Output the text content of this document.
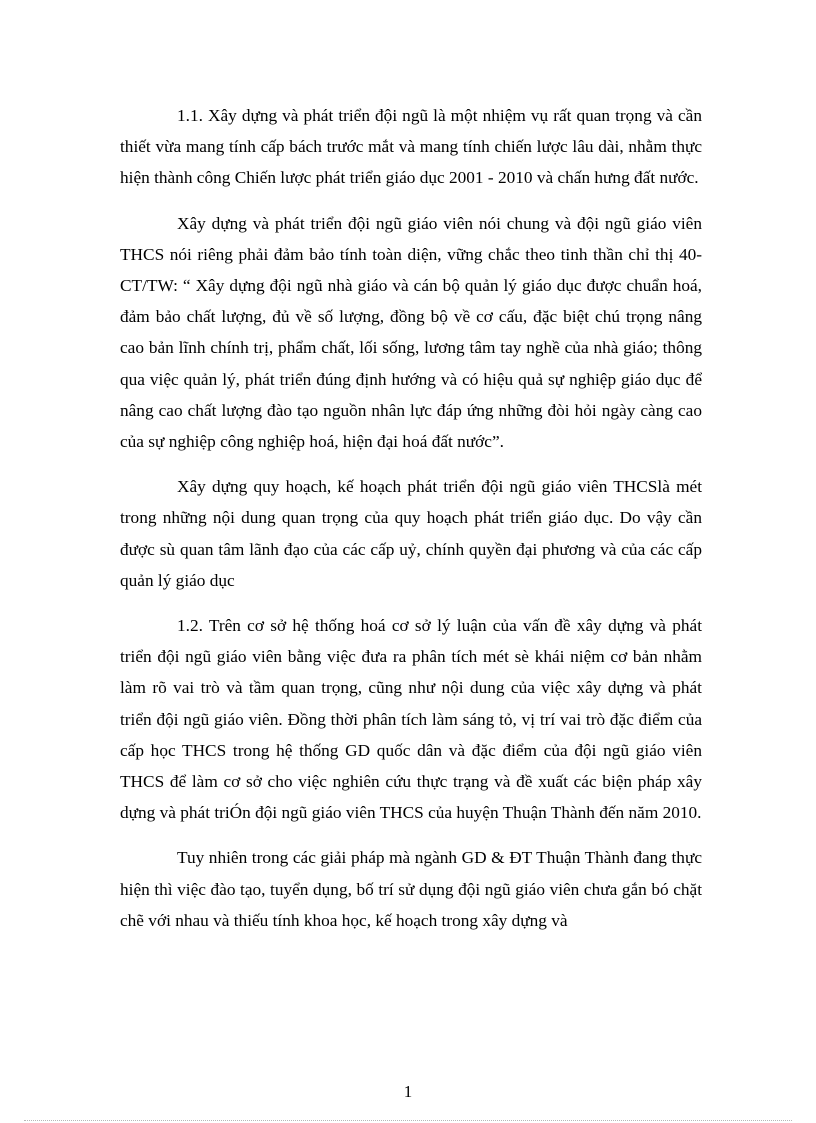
1.1. Xây dựng và phát triển đội ngũ là một nhiệm vụ rất quan trọng và cần thiết vừa mang tính cấp bách trước mắt và mang tính chiến lược lâu dài, nhằm thực hiện thành công Chiến lược phát triển giáo dục 2001 - 2010 và chấn hưng đất nước.

Xây dựng và phát triển đội ngũ giáo viên nói chung và đội ngũ giáo viên THCS nói riêng phải đảm bảo tính toàn diện, vững chắc theo tinh thần chỉ thị 40-CT/TW: “ Xây dựng đội ngũ nhà giáo và cán bộ quản lý giáo dục được chuẩn hoá, đảm bảo chất lượng, đủ về số lượng, đồng bộ về cơ cấu, đặc biệt chú trọng nâng cao bản lĩnh chính trị, phẩm chất, lối sống, lương tâm tay nghề của nhà giáo; thông qua việc quản lý, phát triển đúng định hướng và có hiệu quả sự nghiệp giáo dục để nâng cao chất lượng đào tạo nguồn nhân lực đáp ứng những đòi hỏi ngày càng cao của sự nghiệp công nghiệp hoá, hiện đại hoá đất nước”.

Xây dựng quy hoạch, kế hoạch phát triển đội ngũ giáo viên THCSlà mét trong những nội dung quan trọng của quy hoạch phát triển giáo dục. Do vậy cần được sù quan tâm lãnh đạo của các cấp uỷ, chính quyền đại phương và của các cấp quản lý giáo dục

1.2. Trên cơ sở hệ thống hoá cơ sở lý luận của vấn đề xây dựng và phát triển đội ngũ giáo viên bằng việc đưa ra phân tích mét sè khái niệm cơ bản nhằm làm rõ vai trò và tầm quan trọng, cũng như nội dung của việc xây dựng và phát triển đội ngũ giáo viên. Đồng thời phân tích làm sáng tỏ, vị trí vai trò đặc điểm của cấp học THCS trong hệ thống GD quốc dân và đặc điểm của đội ngũ giáo viên THCS để làm cơ sở cho việc nghiên cứu thực trạng và đề xuất các biện pháp xây dựng và phát triÓn đội ngũ giáo viên THCS của huyện Thuận Thành đến năm 2010.

Tuy nhiên trong các giải pháp mà ngành GD & ĐT Thuận Thành đang thực hiện thì việc đào tạo, tuyển dụng, bố trí sử dụng đội ngũ giáo viên chưa gắn bó chặt chẽ với nhau và thiếu tính khoa học, kế hoạch trong xây dựng và

1
